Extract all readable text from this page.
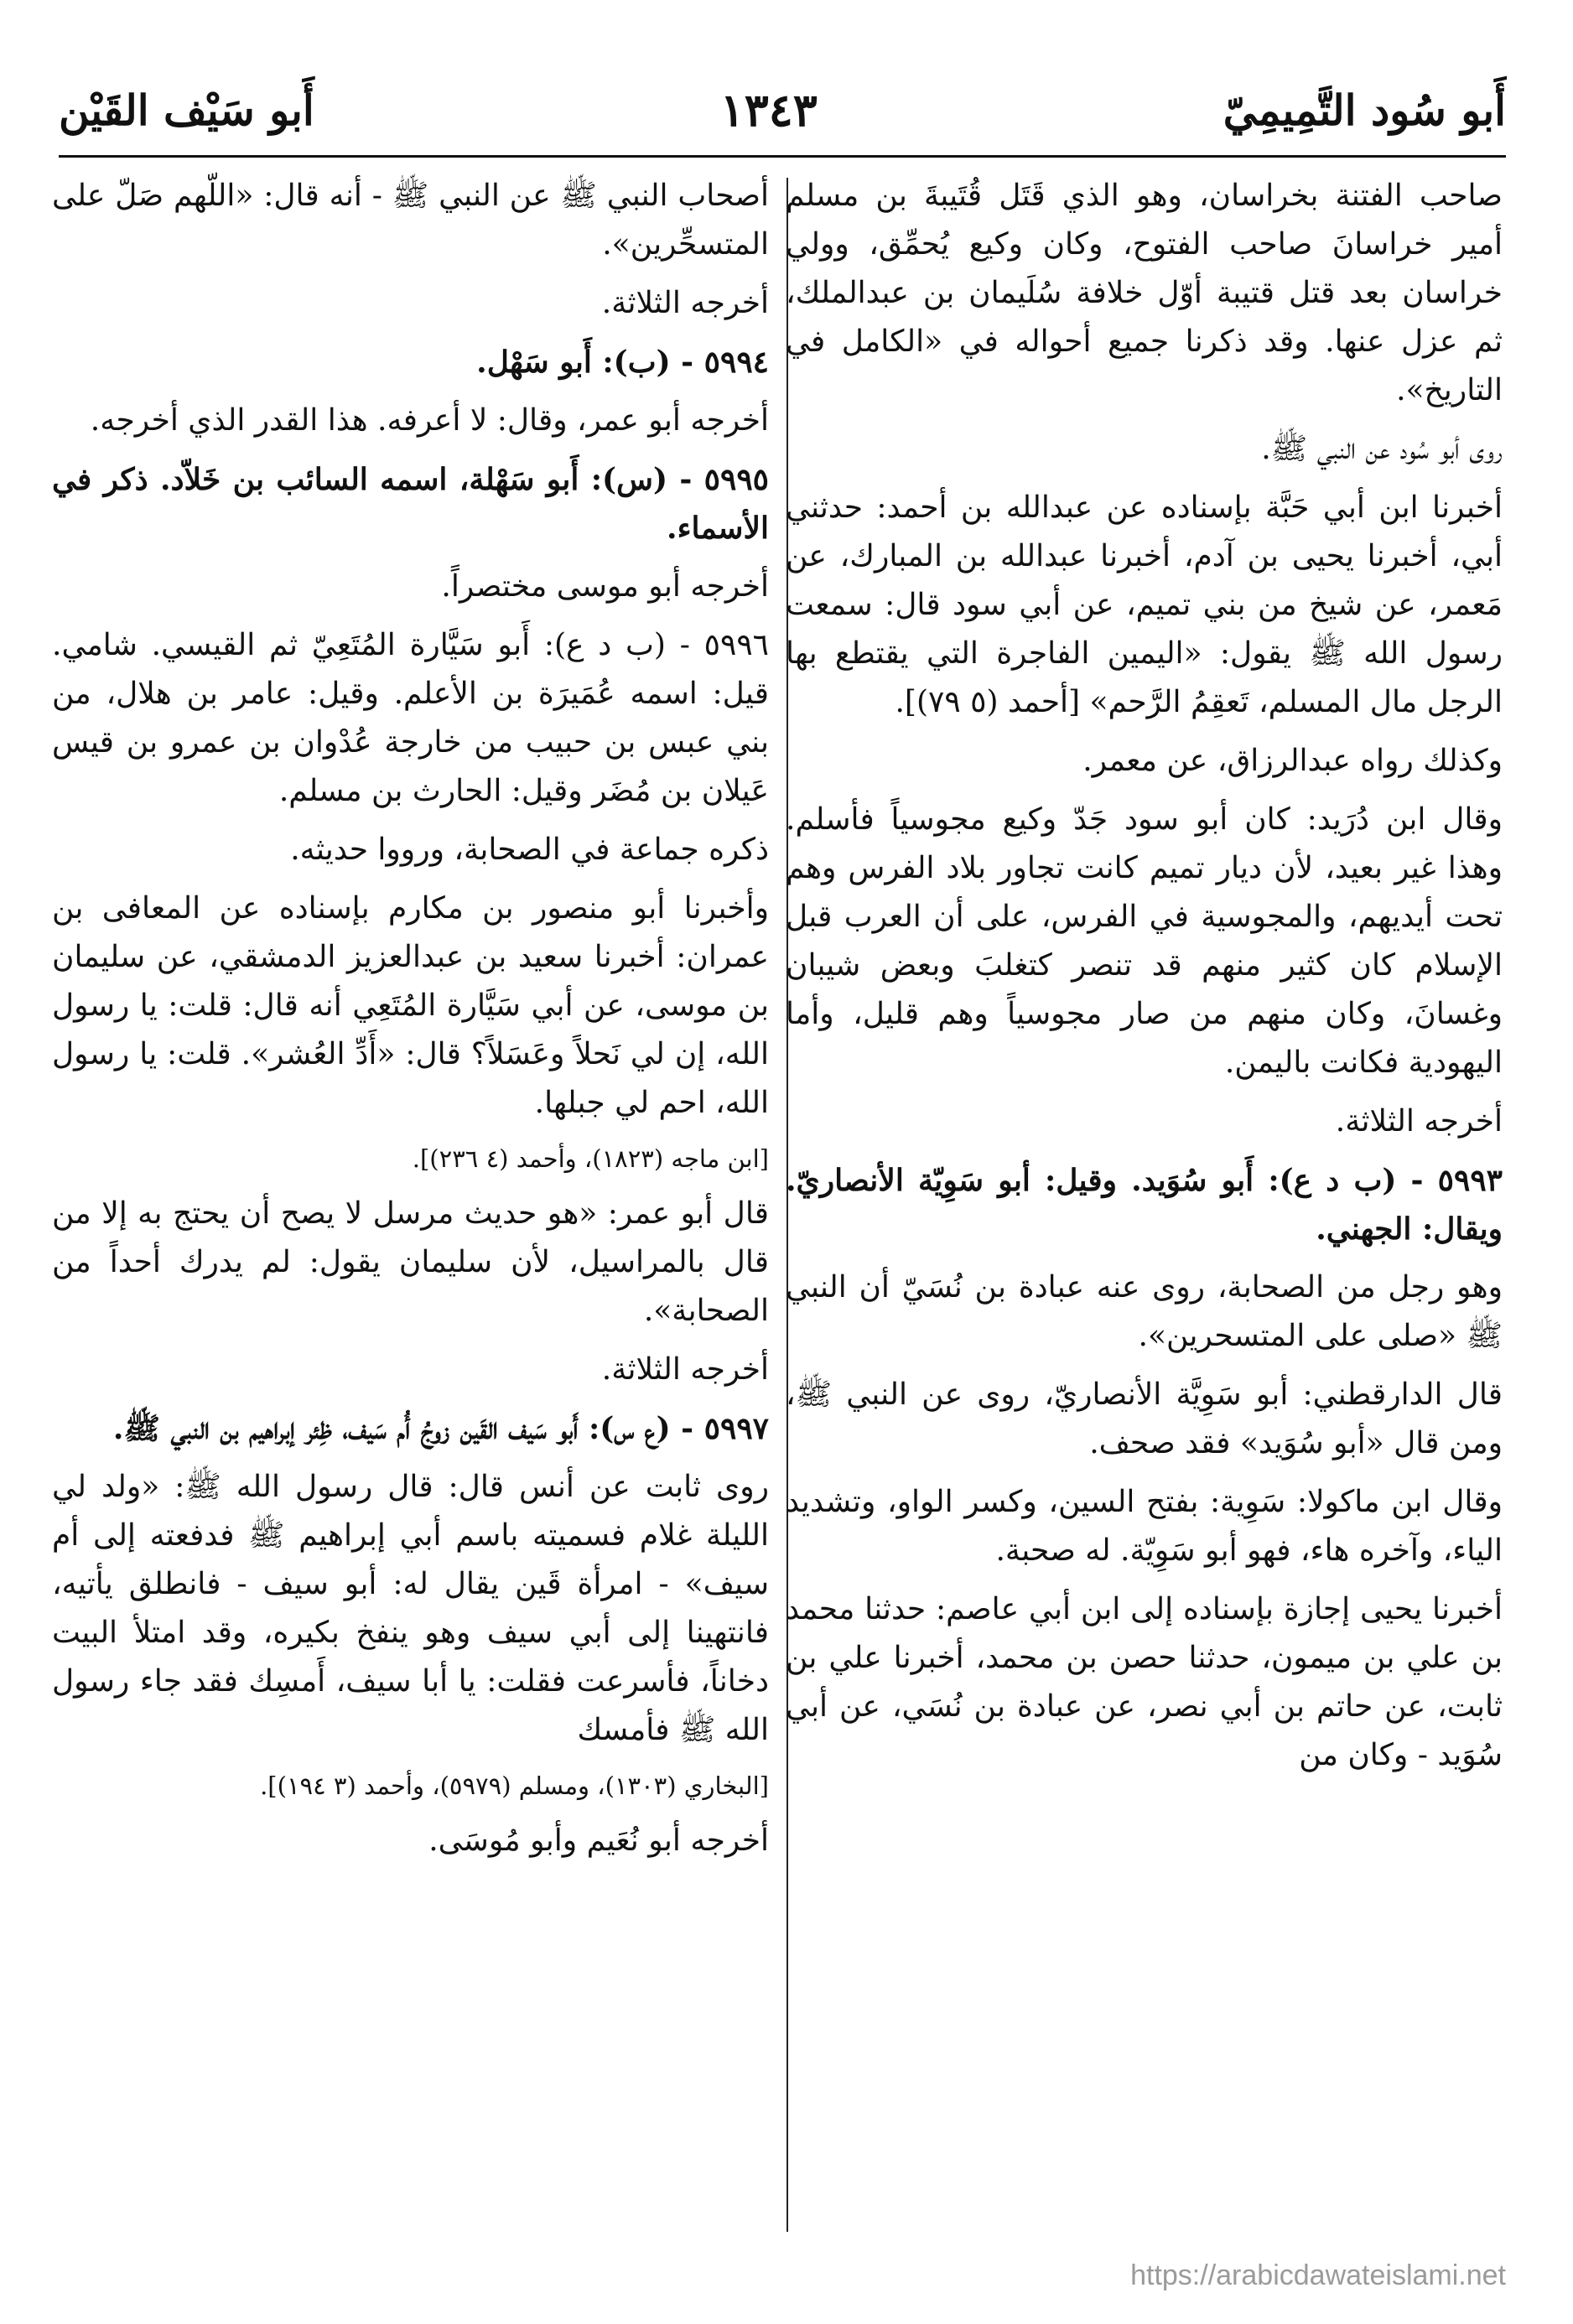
أَبو سُود التَّمِيمِيّ
١٣٤٣
أَبو سَيْف القَيْن

صاحب الفتنة بخراسان، وهو الذي قَتَل قُتَيبةَ بن مسلم أمير خراسانَ صاحب الفتوح، وكان وكيع يُحمِّق، وولي خراسان بعد قتل قتيبة أوّل خلافة سُلَيمان بن عبدالملك، ثم عزل عنها. وقد ذكرنا جميع أحواله في «الكامل في التاريخ».

روى أبو سُود عن النبي ﷺ.

أخبرنا ابن أبي حَبَّة بإسناده عن عبدالله بن أحمد: حدثني أبي، أخبرنا يحيى بن آدم، أخبرنا عبدالله بن المبارك، عن مَعمر، عن شيخ من بني تميم، عن أبي سود قال: سمعت رسول الله ﷺ يقول: «اليمين الفاجرة التي يقتطع بها الرجل مال المسلم، تَعقِمُ الرَّحم» [أحمد (٥ ٧٩)].

وكذلك رواه عبدالرزاق، عن معمر.

وقال ابن دُرَيد: كان أبو سود جَدّ وكيع مجوسياً فأسلم. وهذا غير بعيد، لأن ديار تميم كانت تجاور بلاد الفرس وهم تحت أيديهم، والمجوسية في الفرس، على أن العرب قبل الإسلام كان كثير منهم قد تنصر كتغلبَ وبعض شيبان وغسانَ، وكان منهم من صار مجوسياً وهم قليل، وأما اليهودية فكانت باليمن.

أخرجه الثلاثة.

٥٩٩٣ - (ب د ع): أَبو سُوَيد. وقيل: أبو سَوِيّة الأنصاريّ. ويقال: الجهني.

وهو رجل من الصحابة، روى عنه عبادة بن نُسَيّ أن النبي ﷺ «صلى على المتسحرين».

قال الدارقطني: أبو سَوِيَّة الأنصاريّ، روى عن النبي ﷺ، ومن قال «أبو سُوَيد» فقد صحف.

وقال ابن ماكولا: سَوِية: بفتح السين، وكسر الواو، وتشديد الياء، وآخره هاء، فهو أبو سَوِيّة. له صحبة.

أخبرنا يحيى إجازة بإسناده إلى ابن أبي عاصم: حدثنا محمد بن علي بن ميمون، حدثنا حصن بن محمد، أخبرنا علي بن ثابت، عن حاتم بن أبي نصر، عن عبادة بن نُسَي، عن أبي سُوَيد - وكان من

أصحاب النبي ﷺ عن النبي ﷺ - أنه قال: «اللّهم صَلّ على المتسحِّرين».

أخرجه الثلاثة.

٥٩٩٤ - (ب): أَبو سَهْل.

أخرجه أبو عمر، وقال: لا أعرفه. هذا القدر الذي أخرجه.

٥٩٩٥ - (س): أَبو سَهْلة، اسمه السائب بن خَلاّد. ذكر في الأسماء.

أخرجه أبو موسى مختصراً.

٥٩٩٦ - (ب د ع): أَبو سَيَّارة المُتَعِيّ ثم القيسي. شامي. قيل: اسمه عُمَيرَة بن الأعلم. وقيل: عامر بن هلال، من بني عبس بن حبيب من خارجة عُدْوان بن عمرو بن قيس عَيلان بن مُضَر وقيل: الحارث بن مسلم.

ذكره جماعة في الصحابة، ورووا حديثه.

وأخبرنا أبو منصور بن مكارم بإسناده عن المعافى بن عمران: أخبرنا سعيد بن عبدالعزيز الدمشقي، عن سليمان بن موسى، عن أبي سَيَّارة المُتَعِي أنه قال: قلت: يا رسول الله، إن لي نَحلاً وعَسَلاً؟ قال: «أَدِّ العُشر». قلت: يا رسول الله، احم لي جبلها.

[ابن ماجه (١٨٢٣)، وأحمد (٤ ٢٣٦)].

قال أبو عمر: «هو حديث مرسل لا يصح أن يحتج به إلا من قال بالمراسيل، لأن سليمان يقول: لم يدرك أحداً من الصحابة».

أخرجه الثلاثة.

٥٩٩٧ - (ع س): أَبو سَيف القَين زوجُ أُم سَيف، ظِئر إبراهيم بن النبي ﷺ.

روى ثابت عن أنس قال: قال رسول الله ﷺ: «ولد لي الليلة غلام فسميته باسم أبي إبراهيم ﷺ فدفعته إلى أم سيف» - امرأة قَين يقال له: أبو سيف - فانطلق يأتيه، فانتهينا إلى أبي سيف وهو ينفخ بكيره، وقد امتلأ البيت دخاناً، فأسرعت فقلت: يا أبا سيف، أَمسِك فقد جاء رسول الله ﷺ فأمسك

[البخاري (١٣٠٣)، ومسلم (٥٩٧٩)، وأحمد (٣ ١٩٤)].

أخرجه أبو نُعَيم وأبو مُوسَى.

https://arabicdawateislami.net
